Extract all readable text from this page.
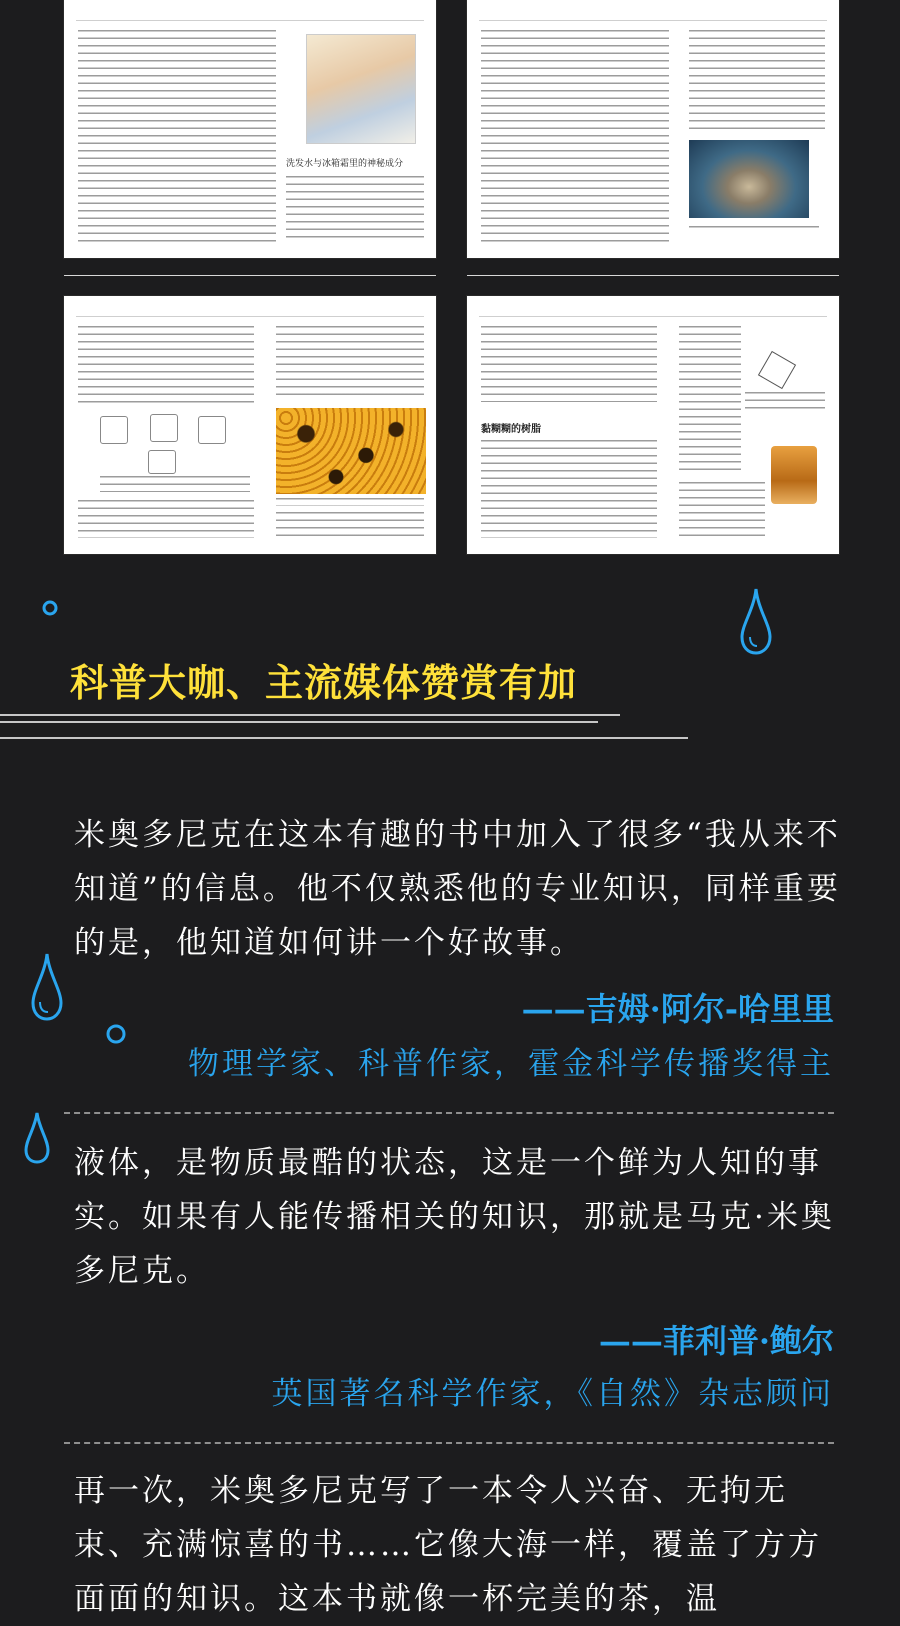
洗发水与冰箱霜里的神秘成分
黏糊糊的树脂
科普大咖、主流媒体赞赏有加
米奥多尼克在这本有趣的书中加入了很多“我从来不知道”的信息。他不仅熟悉他的专业知识，同样重要的是，他知道如何讲一个好故事。
——吉姆·阿尔-哈里里
物理学家、科普作家，霍金科学传播奖得主
液体，是物质最酷的状态，这是一个鲜为人知的事实。如果有人能传播相关的知识，那就是马克·米奥多尼克。
——菲利普·鲍尔
英国著名科学作家，《自然》杂志顾问
再一次，米奥多尼克写了一本令人兴奋、无拘无束、充满惊喜的书……它像大海一样，覆盖了方方面面的知识。这本书就像一杯完美的茶，温
